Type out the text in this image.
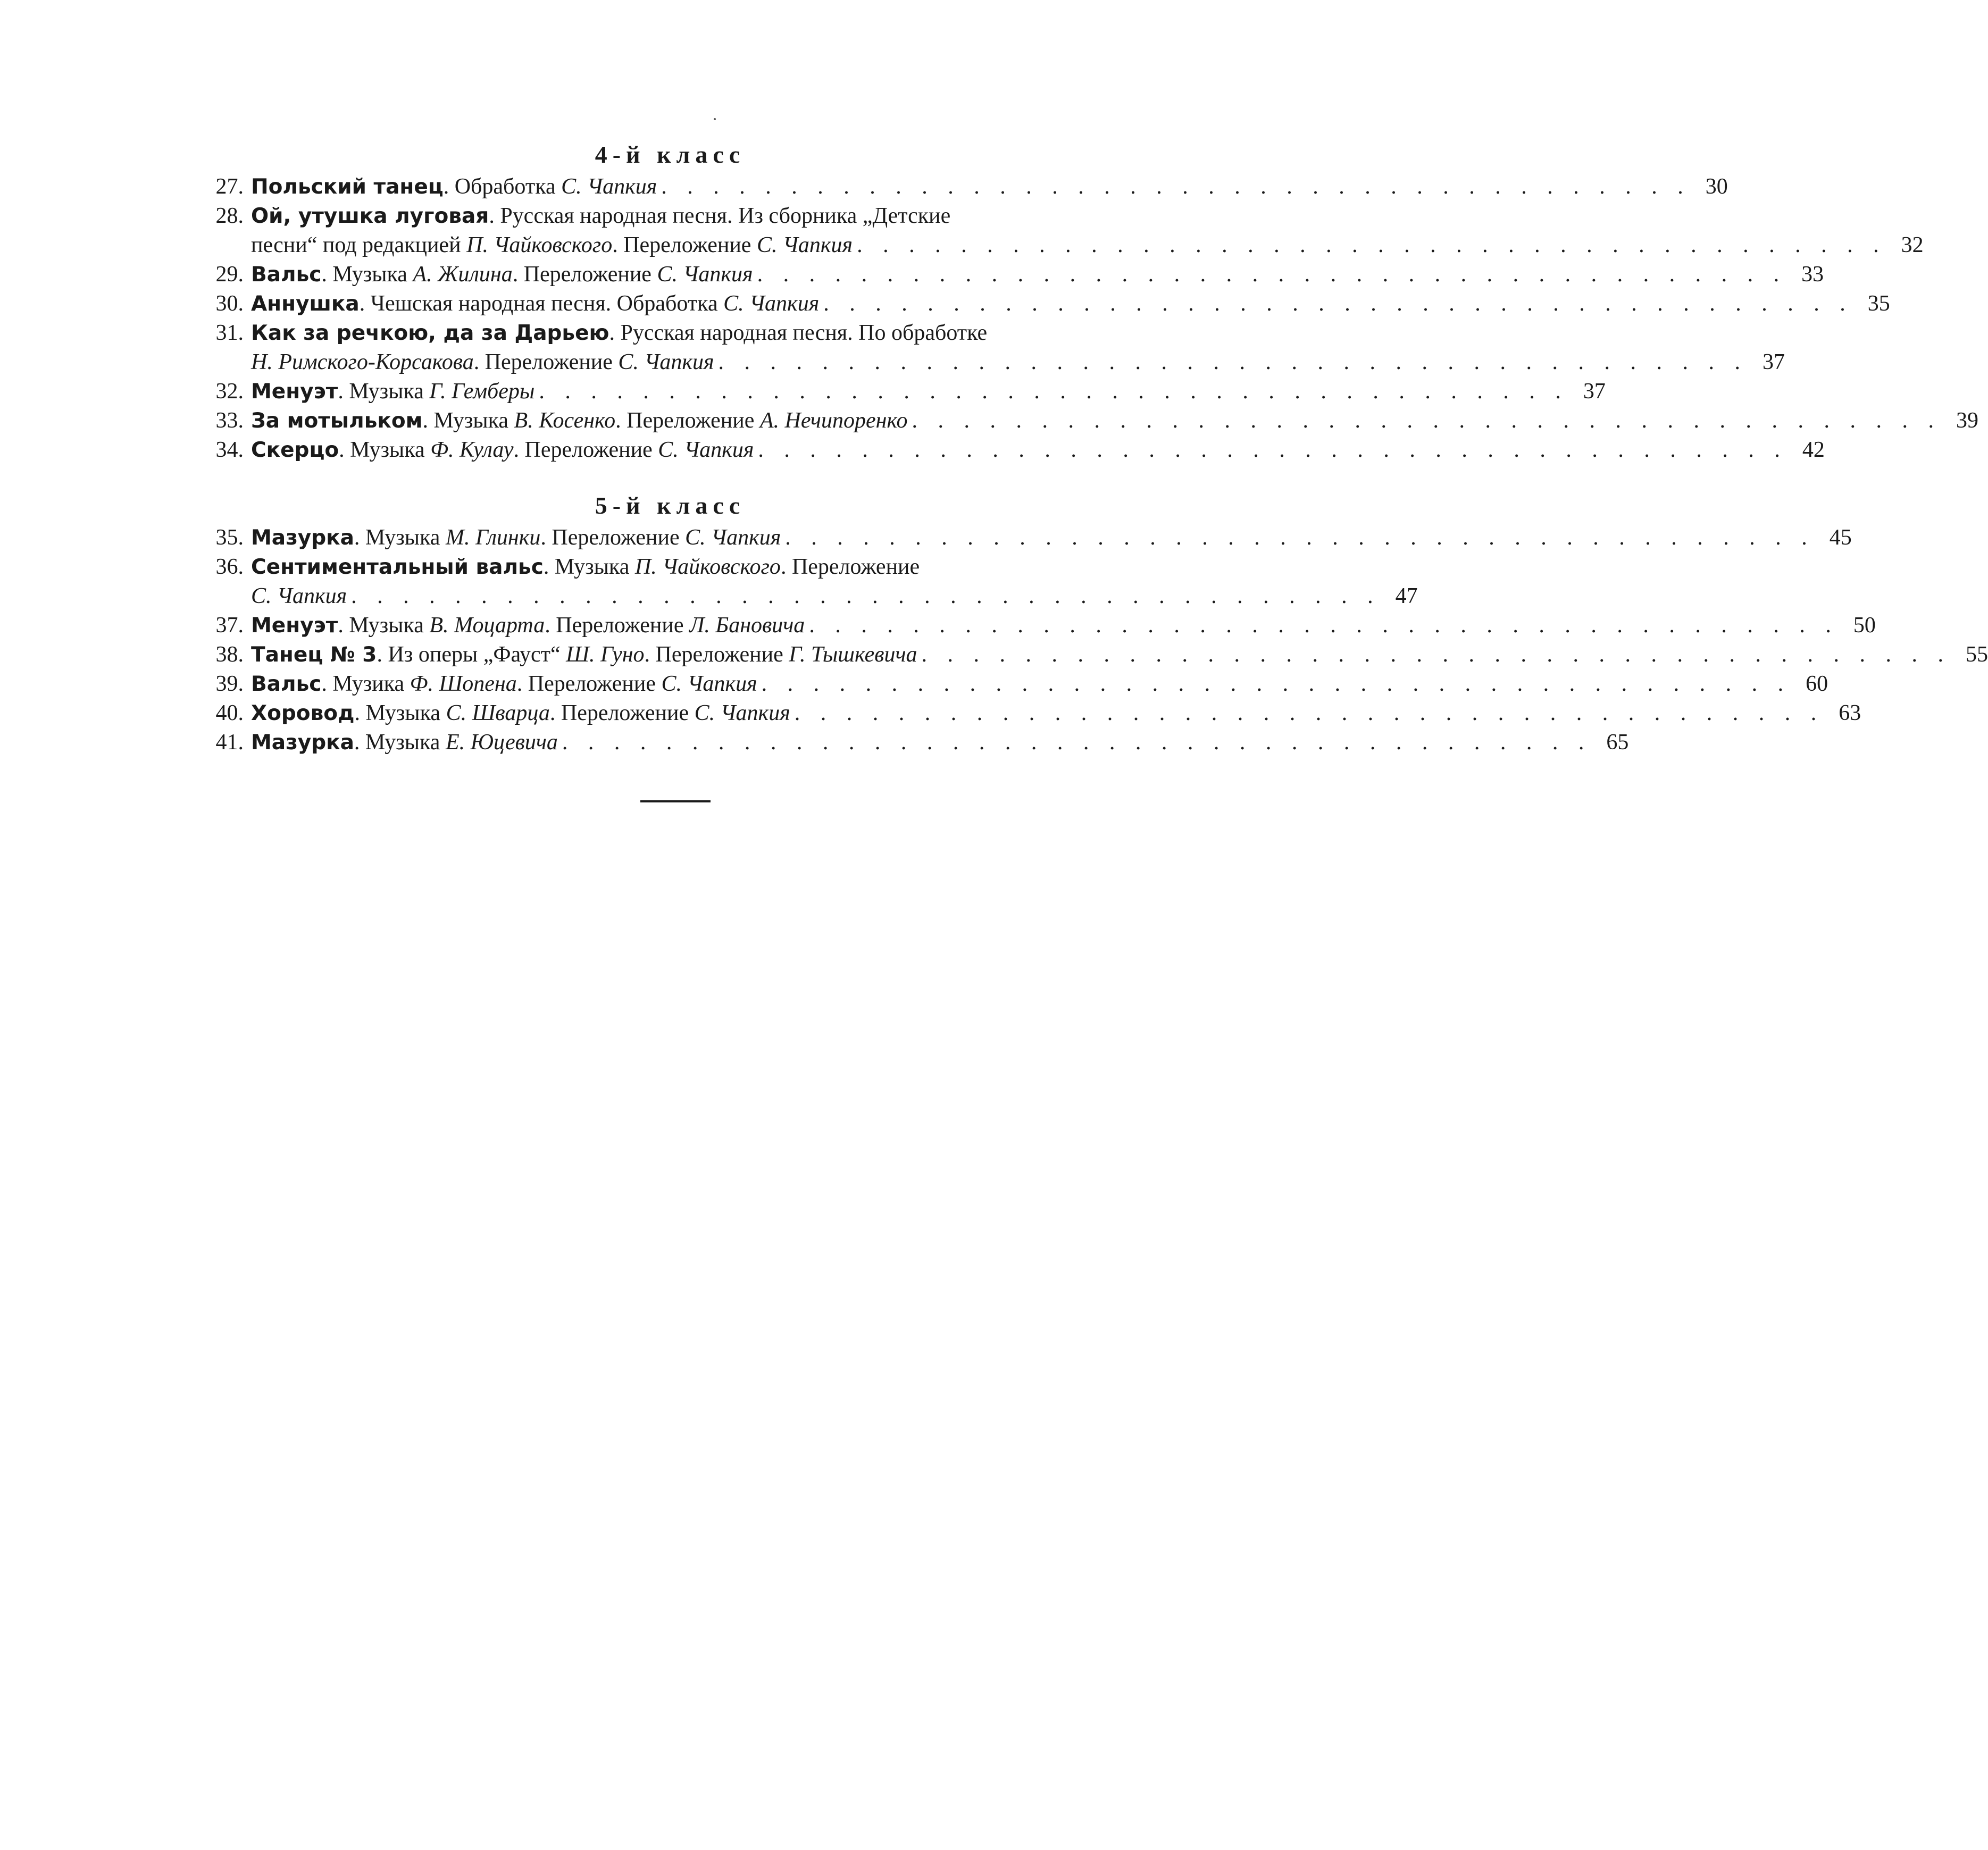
4-й класс
27. Польский танец. Обработка С. Чапкия . . . . . . . . . . . . . . . . . . . . . . . . . . . . . . . . . . . . . . . . 30
28. Ой, утушка луговая. Русская народная песня. Из сборника „Детские
песни“ под редакцией П. Чайковского. Переложение С. Чапкия . . . . . . . . . . . . . . . . . . . . . . . . . . . . . . . . . . . . . . . . 32
29. Вальс. Музыка А. Жилина. Переложение С. Чапкия . . . . . . . . . . . . . . . . . . . . . . . . . . . . . . . . . . . . . . . . 33
30. Аннушка. Чешская народная песня. Обработка С. Чапкия . . . . . . . . . . . . . . . . . . . . . . . . . . . . . . . . . . . . . . . . 35
31. Как за речкою, да за Дарьею. Русская народная песня. По обработке
Н. Римского-Корсакова. Переложение С. Чапкия . . . . . . . . . . . . . . . . . . . . . . . . . . . . . . . . . . . . . . . . 37
32. Менуэт. Музыка Г. Гемберы . . . . . . . . . . . . . . . . . . . . . . . . . . . . . . . . . . . . . . . . 37
33. За мотыльком. Музыка В. Косенко. Переложение А. Нечипоренко . . . . . . . . . . . . . . . . . . . . . . . . . . . . . . . . . . . . . . . . 39
34. Скерцо. Музыка Ф. Кулау. Переложение С. Чапкия . . . . . . . . . . . . . . . . . . . . . . . . . . . . . . . . . . . . . . . . 42
5-й класс
35. Мазурка. Музыка М. Глинки. Переложение С. Чапкия . . . . . . . . . . . . . . . . . . . . . . . . . . . . . . . . . . . . . . . . 45
36. Сентиментальный вальс. Музыка П. Чайковского. Переложение
С. Чапкия . . . . . . . . . . . . . . . . . . . . . . . . . . . . . . . . . . . . . . . . 47
37. Менуэт. Музыка В. Моцарта. Переложение Л. Бановича . . . . . . . . . . . . . . . . . . . . . . . . . . . . . . . . . . . . . . . . 50
38. Танец № 3. Из оперы „Фауст“ Ш. Гуно. Переложение Г. Тышкевича . . . . . . . . . . . . . . . . . . . . . . . . . . . . . . . . . . . . . . . . 55
39. Вальс. Музика Ф. Шопена. Переложение С. Чапкия . . . . . . . . . . . . . . . . . . . . . . . . . . . . . . . . . . . . . . . . 60
40. Хоровод. Музыка С. Шварца. Переложение С. Чапкия . . . . . . . . . . . . . . . . . . . . . . . . . . . . . . . . . . . . . . . . 63
41. Мазурка. Музыка Е. Юцевича . . . . . . . . . . . . . . . . . . . . . . . . . . . . . . . . . . . . . . . . 65
